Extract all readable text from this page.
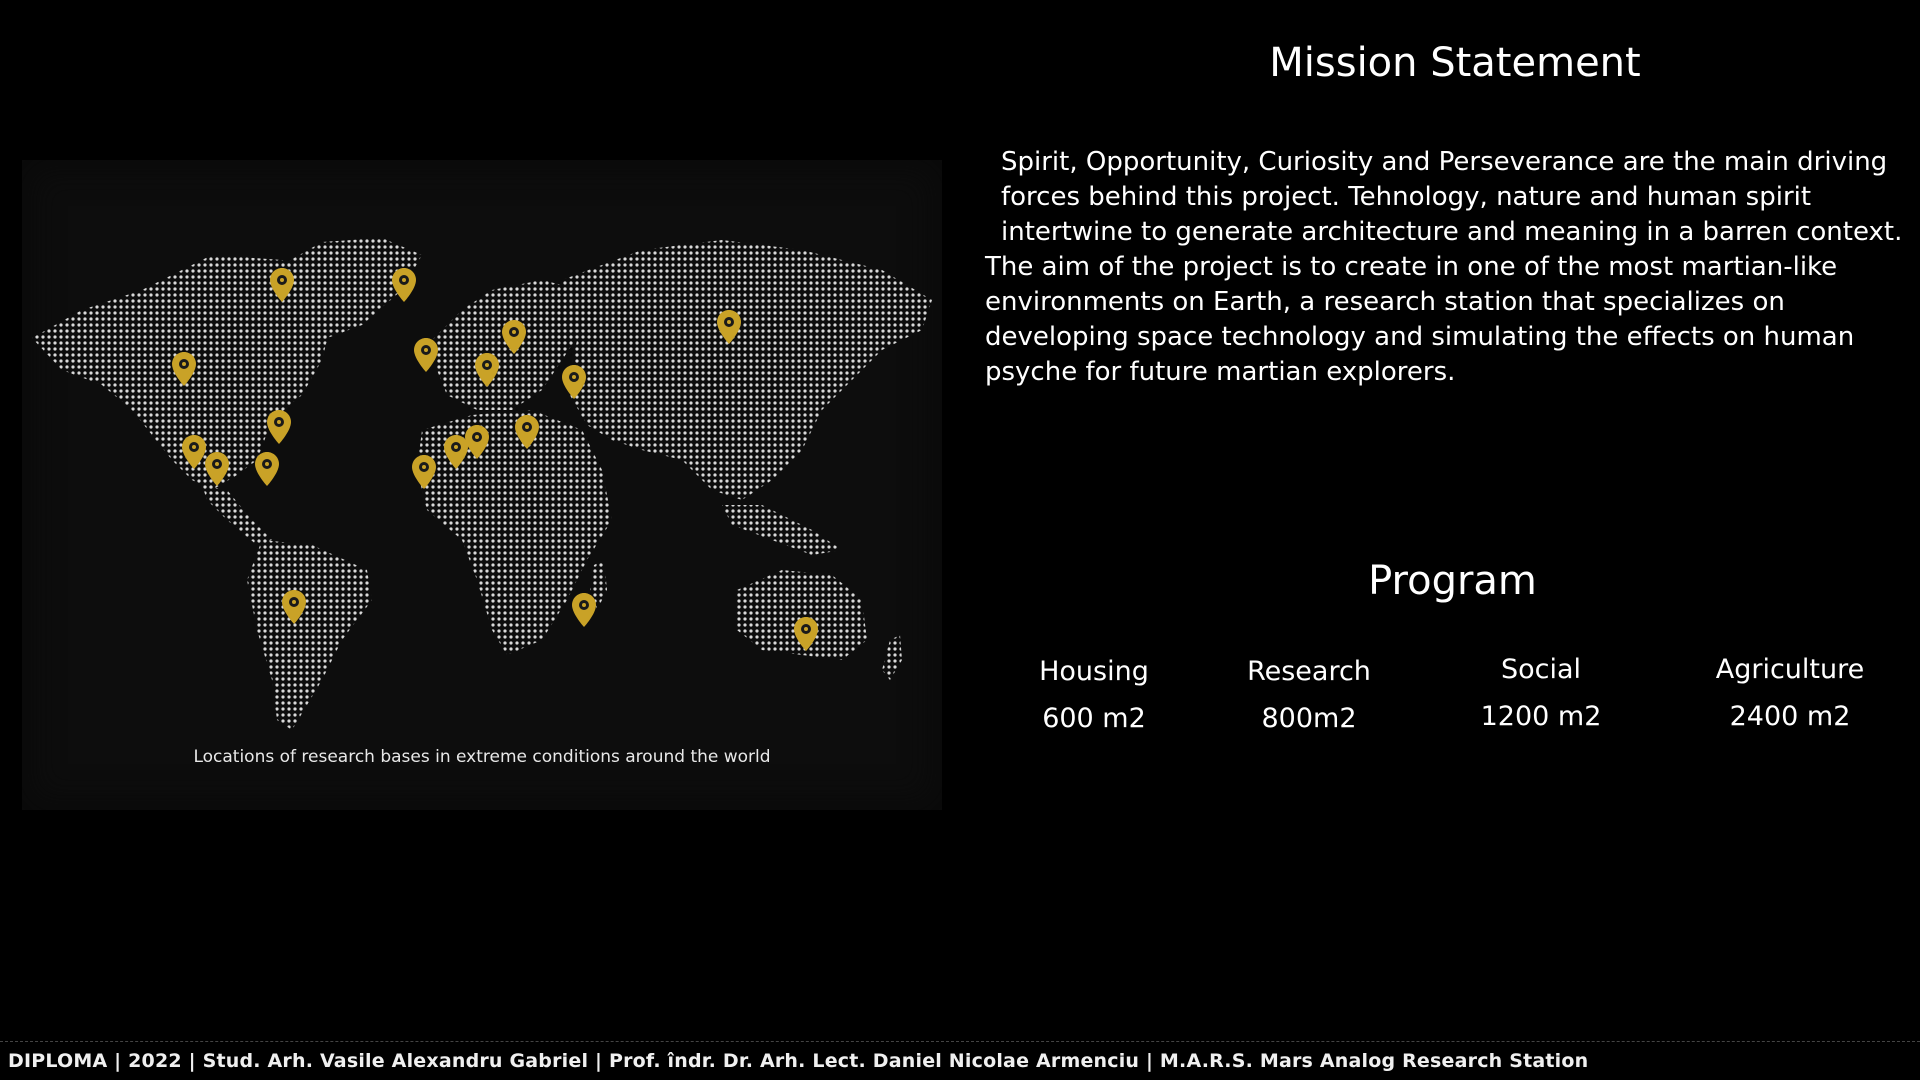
Locations of research bases in extreme conditions around the world
Mission Statement

Spirit, Opportunity, Curiosity and Perseverance are the main driving forces behind this project. Tehnology, nature and human spirit intertwine to generate architecture and meaning in a barren context.

The aim of the project is to create in one of the most martian-like environments on Earth, a research station that specializes on developing space technology and simulating the effects on human psyche for future martian explorers.

Program
Housing
600 m2
Research
800m2
Social
1200 m2
Agriculture
2400 m2
DIPLOMA | 2022 | Stud. Arh. Vasile Alexandru Gabriel | Prof. îndr. Dr. Arh. Lect. Daniel Nicolae Armenciu | M.A.R.S. Mars Analog Research Station
